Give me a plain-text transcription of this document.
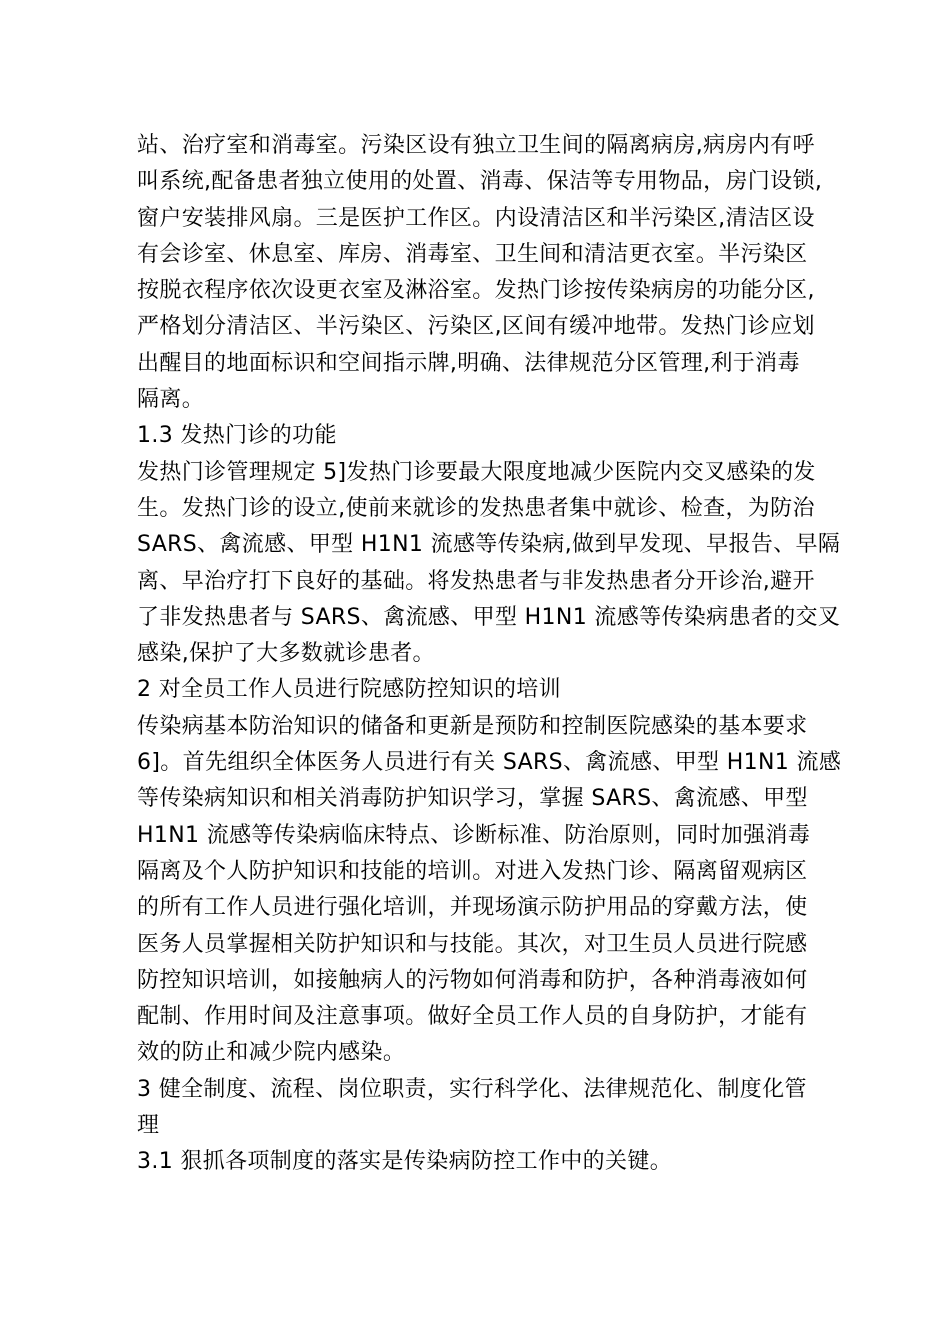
站、治疗室和消毒室。污染区设有独立卫生间的隔离病房,病房内有呼
叫系统,配备患者独立使用的处置、消毒、保洁等专用物品，房门设锁,
窗户安装排风扇。三是医护工作区。内设清洁区和半污染区,清洁区设
有会诊室、休息室、库房、消毒室、卫生间和清洁更衣室。半污染区
按脱衣程序依次设更衣室及淋浴室。发热门诊按传染病房的功能分区,
严格划分清洁区、半污染区、污染区,区间有缓冲地带。发热门诊应划
出醒目的地面标识和空间指示牌,明确、法律规范分区管理,利于消毒
隔离。
1.3 发热门诊的功能
发热门诊管理规定 5]发热门诊要最大限度地减少医院内交叉感染的发
生。发热门诊的设立,使前来就诊的发热患者集中就诊、检查，为防治
SARS、禽流感、甲型 H1N1 流感等传染病,做到早发现、早报告、早隔
离、早治疗打下良好的基础。将发热患者与非发热患者分开诊治,避开
了非发热患者与 SARS、禽流感、甲型 H1N1 流感等传染病患者的交叉
感染,保护了大多数就诊患者。
2 对全员工作人员进行院感防控知识的培训
传染病基本防治知识的储备和更新是预防和控制医院感染的基本要求
6]。首先组织全体医务人员进行有关 SARS、禽流感、甲型 H1N1 流感
等传染病知识和相关消毒防护知识学习，掌握 SARS、禽流感、甲型
H1N1 流感等传染病临床特点、诊断标准、防治原则，同时加强消毒
隔离及个人防护知识和技能的培训。对进入发热门诊、隔离留观病区
的所有工作人员进行强化培训，并现场演示防护用品的穿戴方法，使
医务人员掌握相关防护知识和与技能。其次，对卫生员人员进行院感
防控知识培训，如接触病人的污物如何消毒和防护，各种消毒液如何
配制、作用时间及注意事项。做好全员工作人员的自身防护，才能有
效的防止和减少院内感染。
3 健全制度、流程、岗位职责，实行科学化、法律规范化、制度化管
理
3.1 狠抓各项制度的落实是传染病防控工作中的关键。
